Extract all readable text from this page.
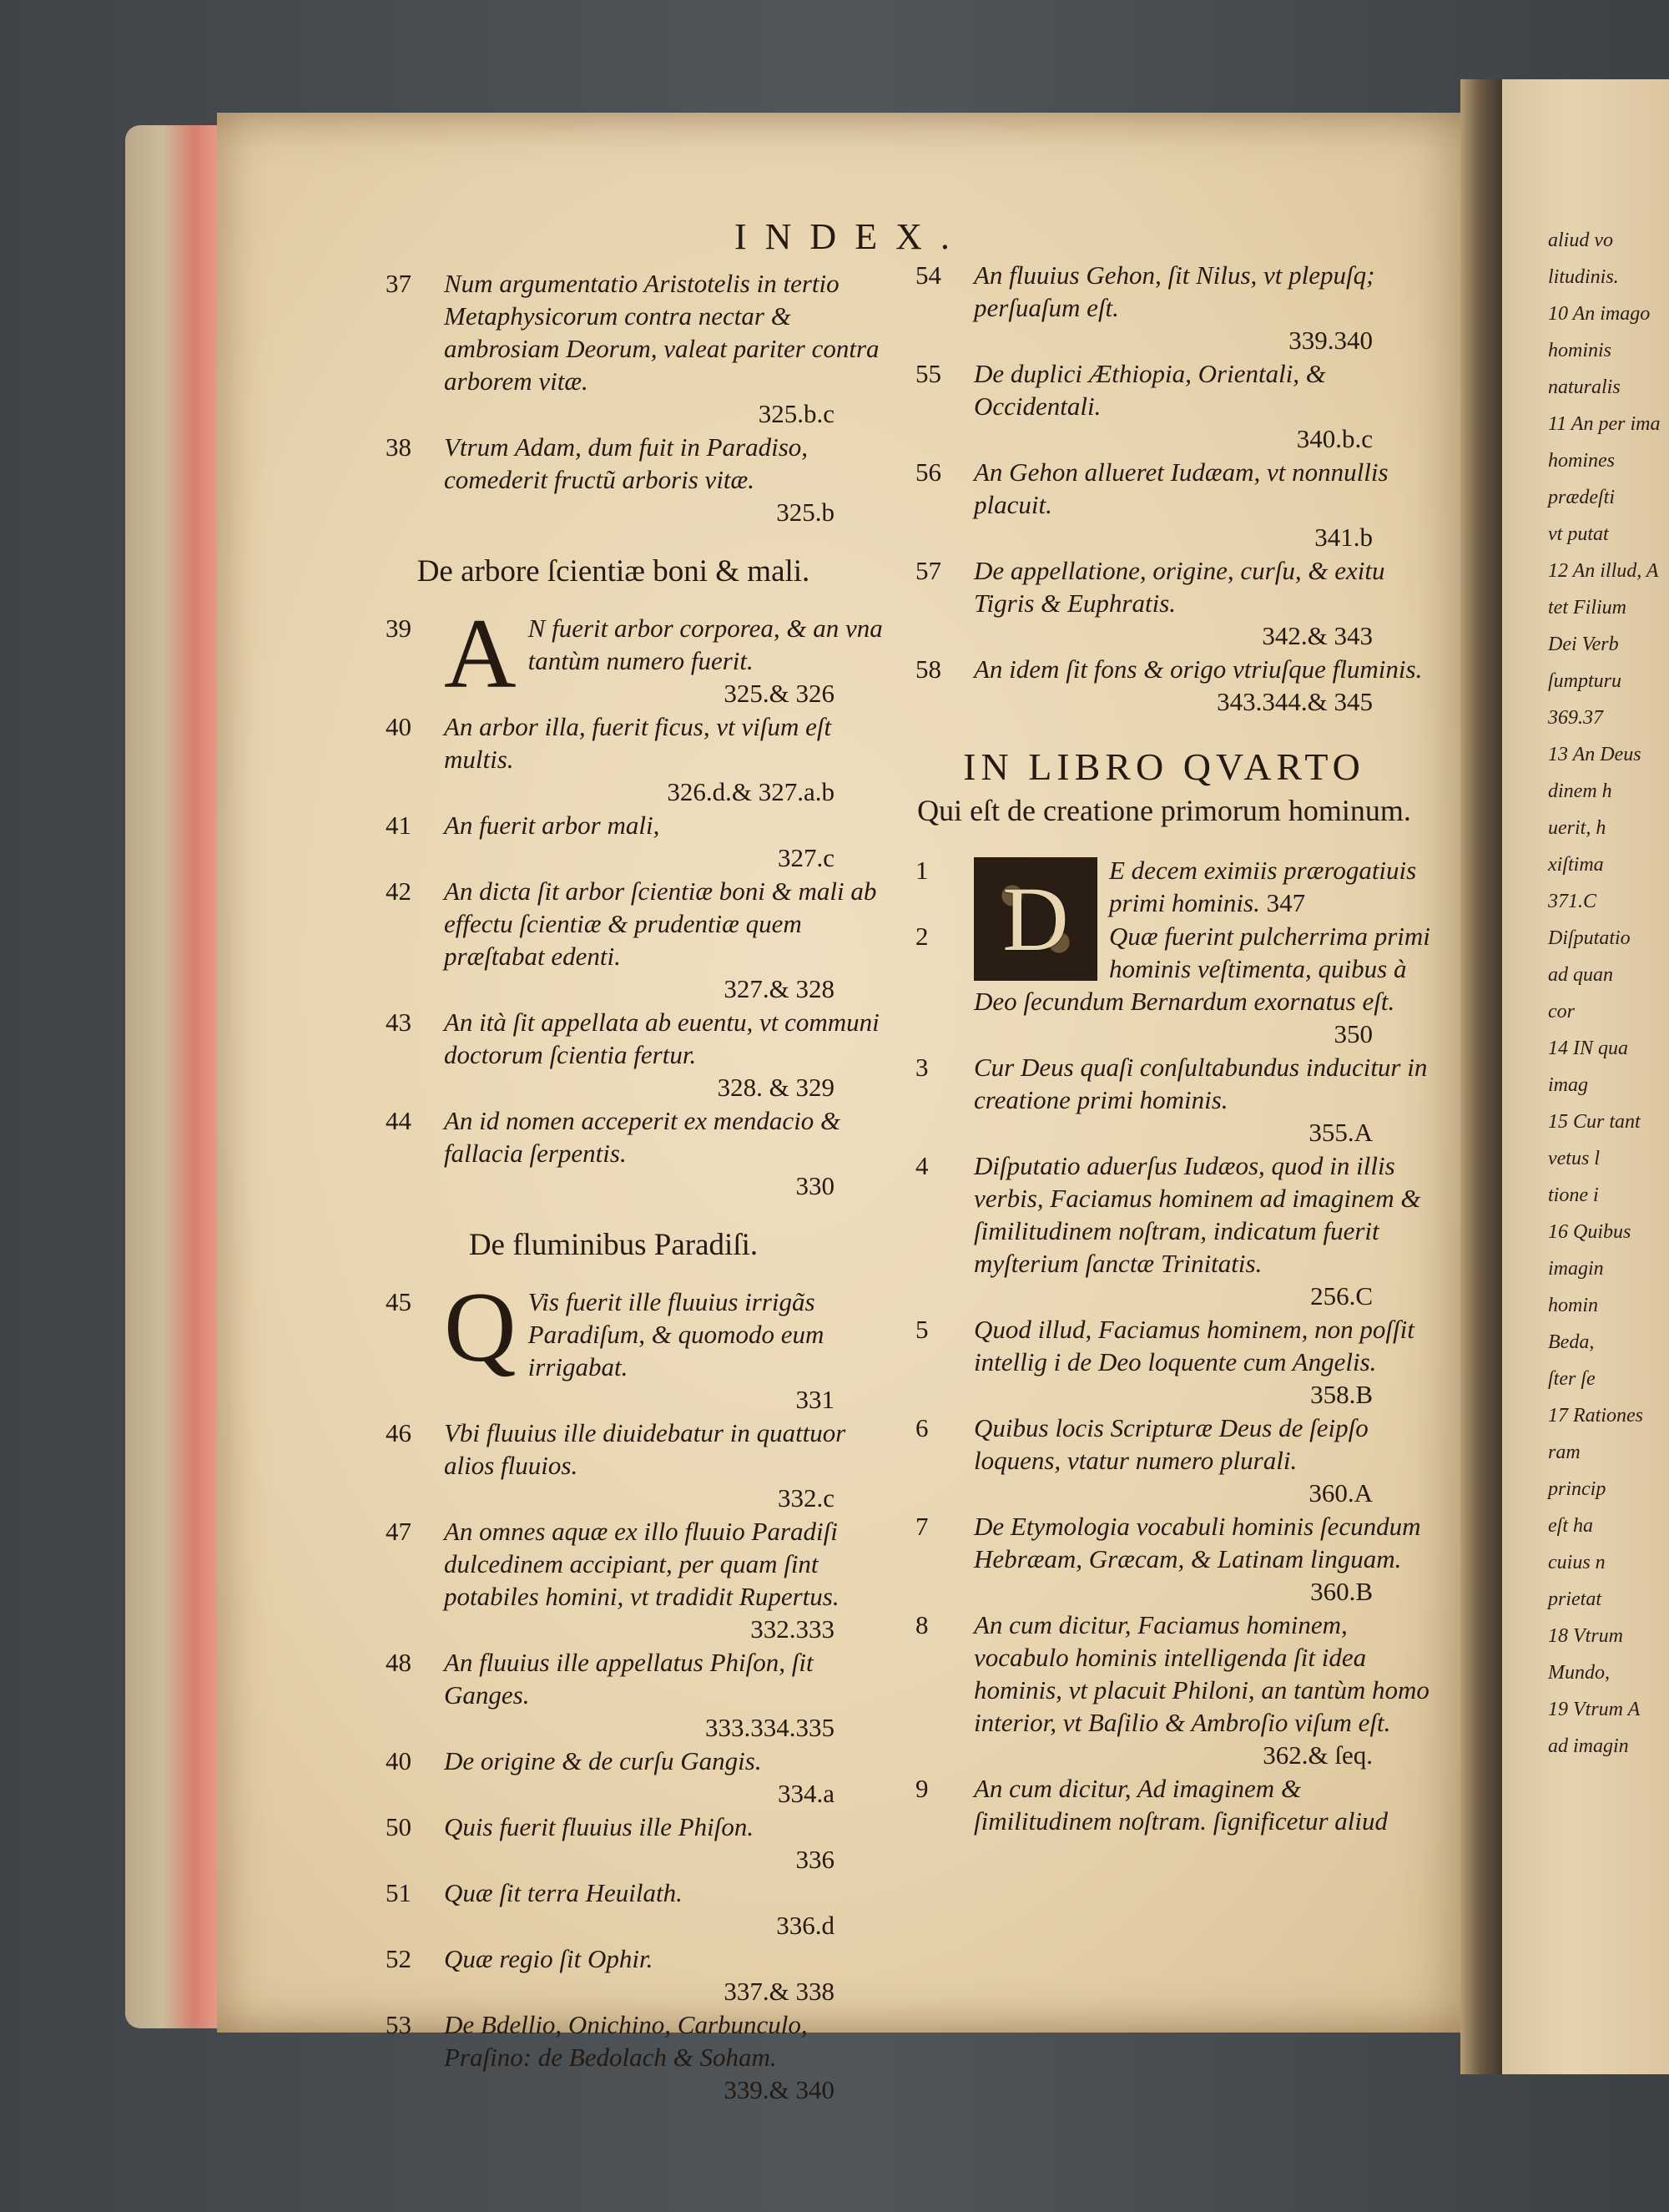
INDEX.
37 Num argumentatio Aristotelis in tertio Metaphysicorum contra nectar & ambrosiam Deorum, valeat pariter contra arborem vitæ.
325.b.c
38 Vtrum Adam, dum fuit in Paradiso, comederit fructũ arboris vitæ.
325.b
De arbore ſcientiæ boni & mali.
39 A N fuerit arbor corporea, & an vna tantùm numero fuerit.
325.& 326
40 An arbor illa, fuerit ficus, vt viſum eſt multis.
326.d.& 327.a.b
41 An fuerit arbor mali,
327.c
42 An dicta ſit arbor ſcientiæ boni & mali ab effectu ſcientiæ & prudentiæ quem præſtabat edenti.
327.& 328
43 An ità ſit appellata ab euentu, vt communi doctorum ſcientia fertur.
328. & 329
44 An id nomen acceperit ex mendacio & fallacia ſerpentis.
330
De fluminibus Paradiſi.
45 Q Vis fuerit ille fluuius irrigãs Paradiſum, & quomodo eum irrigabat.
331
46 Vbi fluuius ille diuidebatur in quattuor alios fluuios.
332.c
47 An omnes aquæ ex illo fluuio Paradiſi dulcedinem accipiant, per quam ſint potabiles homini, vt tradidit Rupertus.
332.333
48 An fluuius ille appellatus Phiſon, ſit Ganges.
333.334.335
40 De origine & de curſu Gangis.
334.a
50 Quis fuerit fluuius ille Phiſon.
336
51 Quæ ſit terra Heuilath.
336.d
52 Quæ regio ſit Ophir.
337.& 338
53 De Bdellio, Onichino, Carbunculo, Praſino: de Bedolach & Soham.
339.& 340
54 An fluuius Gehon, ſit Nilus, vt plериſq; perſuaſum eſt.
339.340
55 De duplici Æthiopia, Orientali, & Occidentali.
340.b.c
56 An Gehon allueret Iudæam, vt nonnullis placuit.
341.b
57 De appellatione, origine, curſu, & exitu Tigris & Euphratis.
342.& 343
58 An idem ſit fons & origo vtriuſque fluminis.
343.344.& 345
IN LIBRO QVARTO
Qui eſt de creatione primorum hominum.
1 D E decem eximiis prærogatiuis primi hominis. 347
2	Quæ fuerint pulcherrima primi hominis veſtimenta, quibus à Deo ſecundum Bernardum exornatus eſt.
350
3 Cur Deus quaſi conſultabundus inducitur in creatione primi hominis.
355.A
4 Diſputatio aduerſus Iudæos, quod in illis verbis, Faciamus hominem ad imaginem & ſimilitudinem noſtram, indicatum fuerit myſterium ſanctæ Trinitatis.
256.C
5 Quod illud, Faciamus hominem, non poſſit intellig i de Deo loquente cum Angelis.
358.B
6 Quibus locis Scripturæ Deus de ſeipſo loquens, vtatur numero plurali.
360.A
7 De Etymologia vocabuli hominis ſecundum Hebræam, Græcam, & Latinam linguam.
360.B
8 An cum dicitur, Faciamus hominem, vocabulo hominis intelligenda ſit idea hominis, vt placuit Philoni, an tantùm homo interior, vt Baſilio & Ambroſio viſum eſt.
362.& ſeq.
9 An cum dicitur, Ad imaginem & ſimilitudinem noſtram. ſignificetur aliud
aliud vo
litudinis.
10 An imago
hominis
naturalis
11 An per ima
homines
prædeſti
vt putat
12 An illud, A
tet Filium
Dei Verb
ſumpturu
369.37
13 An Deus
dinem h
uerit, h
xiſtima
371.C
Diſputatio
ad quan
cor
14 IN qua
imag
15 Cur tant
vetus l
tione i
16 Quibus
imagin
homin
Beda,
ſter ſe
17 Rationes
ram
princip
eſt ha
cuius n
prietat
18 Vtrum
Mundo,
19 Vtrum A
ad imagin
